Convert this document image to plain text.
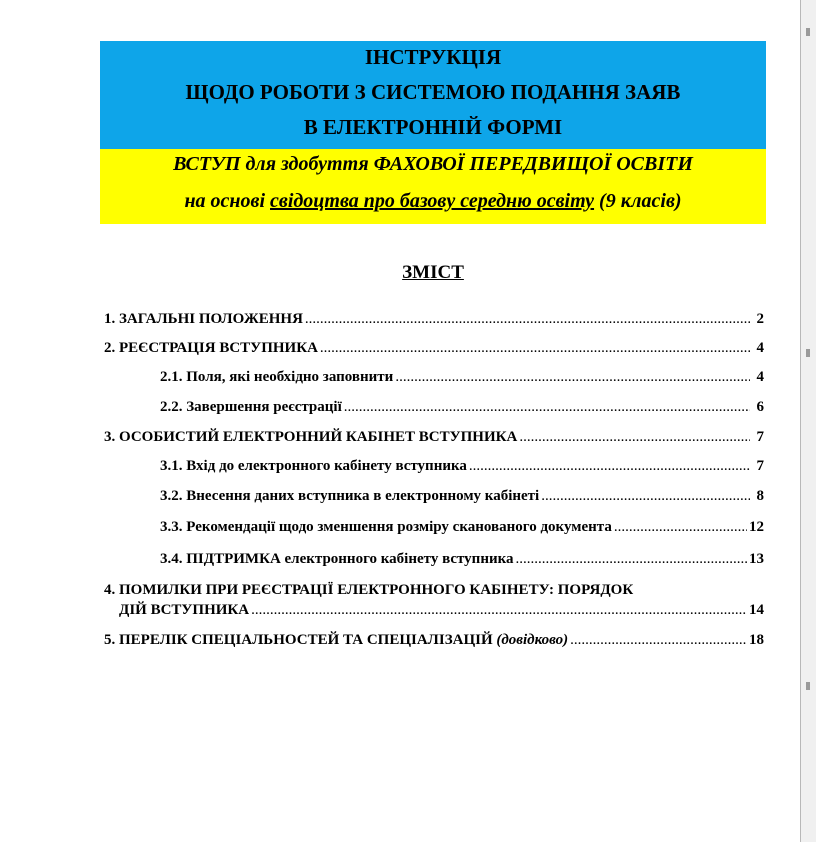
ІНСТРУКЦІЯ
ЩОДО РОБОТИ З СИСТЕМОЮ ПОДАННЯ ЗАЯВ
В ЕЛЕКТРОННІЙ ФОРМІ
ВСТУП для здобуття ФАХОВОЇ ПЕРЕДВИЩОЇ ОСВІТИ
на основі свідоцтва про базову середню освіту (9 класів)
ЗМІСТ
1. ЗАГАЛЬНІ ПОЛОЖЕННЯ .....	2
2. РЕЄСТРАЦІЯ ВСТУПНИКА .....	4
2.1. Поля, які необхідно заповнити .....	4
2.2. Завершення реєстрації .....	6
3. ОСОБИСТИЙ ЕЛЕКТРОННИЙ КАБІНЕТ ВСТУПНИКА .....	7
3.1. Вхід до електронного кабінету вступника .....	7
3.2. Внесення даних вступника в електронному кабінеті .....	8
3.3. Рекомендації щодо зменшення розміру сканованого документа .....	12
3.4. ПІДТРИМКА електронного кабінету вступника .....	13
4. ПОМИЛКИ ПРИ РЕЄСТРАЦІЇ ЕЛЕКТРОННОГО КАБІНЕТУ: ПОРЯДОК
ДІЙ ВСТУПНИКА .....	14
5. ПЕРЕЛІК СПЕЦІАЛЬНОСТЕЙ ТА СПЕЦІАЛІЗАЦІЙ (довідково) .....	18
